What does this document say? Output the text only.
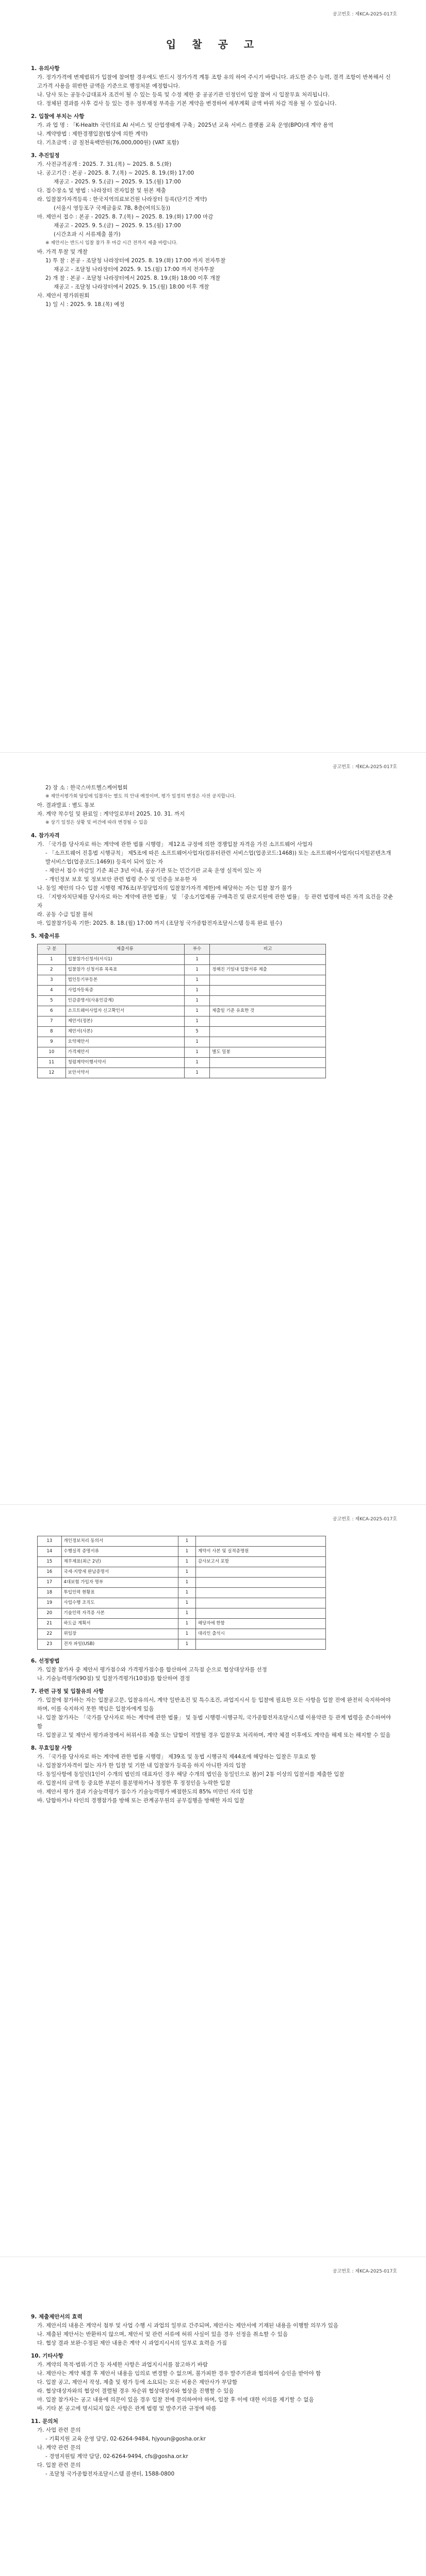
공고번호 : 제KCA-2025-017호
입 찰 공 고
1. 유의사항
가. 정가가격에 변제범위가 입찰에 참여할 경우에도 반드시 정가가격 계통 조항 유의 하여 주시기 바랍니다. 과도한 준수 능력, 결격 조항이 반복해서 신고가격 사용을 위반한 금액을 기준으로 행정처분 예정합니다.
나. 당사 또는 공동수급대표자 조건이 될 수 있는 등록 및 수정 제한 중 공공기관 인정인이 입찰 참여 시 입찰무효 처리됩니다.
다. 정체된 결과를 사후 검사 등 있는 경우 정부재정 부족을 기본 계약을 변경하여 세부계획 금액 바꿔 차감 적용 될 수 있습니다.
2. 입찰에 부치는 사항
가. 과 업 명 : 「K-Health 국민의료 AI 서비스 및 산업생태계 구축」2025년 교육 서비스 플랫폼 교육 운영(BPO)대 계약 용역
나. 계약방법 : 제한경쟁입찰(협상에 의한 계약)
다. 기초금액 : 금 칠천육백만원(76,000,000원) (VAT 포함)
3. 추진일정
가. 사전규격공개 : 2025. 7. 31.(목) ~ 2025. 8. 5.(화)
나. 공고기간 : 본공 - 2025. 8. 7.(목) ~ 2025. 8. 19.(화) 17:00
재공고 - 2025. 9. 5.(금) ~ 2025. 9. 15.(월) 17:00
다. 접수장소 및 방법 : 나라장터 전자입찰 및 원본 제출
라. 입찰참가자격등록 : 한국지역의료보건원 나라장터 등록(단기간 계약)
(서울시 영등포구 국제금융로 7B, 8층(여의도동))
마. 제안서 접수 : 본공 - 2025. 8. 7.(목) ~ 2025. 8. 19.(화) 17:00 마감
재공고 - 2025. 9. 5.(금) ~ 2025. 9. 15.(월) 17:00
(시간초과 시 서류제출 불가)
※ 제안서는 반드시 입찰 참가 후 마감 시간 전까지 제출 바랍니다.
바. 가격 투찰 및 개찰
1) 투 찰 : 본공 - 조달청 나라장터에 2025. 8. 19.(화) 17:00 까지 전자투찰
재공고 - 조달청 나라장터에 2025. 9. 15.(월) 17:00 까지 전자투찰
2) 개 찰 : 본공 - 조달청 나라장터에서 2025. 8. 19.(화) 18:00 이후 개찰
재공고 - 조달청 나라장터에서 2025. 9. 15.(월) 18:00 이후 개찰
사. 제안서 평가위원회
1) 일 시 : 2025. 9. 18.(목) 예정
공고번호 : 제KCA-2025-017호
2) 장 소 : 한국스마트헬스케어협회
※ 제안서평가회 당일에 입찰자는 별도 의 안내 예정이며, 평가 일정의 변경은 사전 공지합니다.
아. 결과발표 : 별도 통보
자. 계약 착수일 및 완료일 : 계약일로부터 2025. 10. 31. 까지
※ 상기 일정은 상황 및 여건에 따라 변경될 수 있음
4. 참가자격
가. 「국가를 당사자로 하는 계약에 관한 법률 시행령」 제12조 규정에 의한 경쟁입찰 자격을 가진 소프트웨어 사업자
- 「소프트웨어 진흥법 시행규칙」 제5조에 따른 소프트웨어사업자(컴퓨터관련 서비스업(업종코드:1468)) 또는 소프트웨어사업자(디지털콘텐츠개발서비스업(업종코드:1469)) 등록이 되어 있는 자
- 제안서 접수 마감일 기준 최근 3년 이내, 공공기관 또는 민간기관 교육 운영 실적이 있는 자
- 개인정보 보호 및 정보보안 관련 법령 준수 및 인증을 보유한 자
나. 동일 제안의 다수 입찰 시행령 제76조(부정당업자의 입찰참가자격 제한)에 해당하는 자는 입찰 참가 불가
다. 「지방자치단체를 당사자로 하는 계약에 관한 법률」 및 「중소기업제품 구매촉진 및 판로지원에 관한 법률」 등 관련 법령에 따른 자격 요건을 갖춘 자
라. 공동 수급 입찰 불허
마. 입찰참가등록 기한: 2025. 8. 18.(월) 17:00 까지 (조달청 국가종합전자조달시스템 등록 완료 필수)
5. 제출서류
구 분	제출서류	부수	비고
1	입찰참가신청서(서식1)	1	
2	입찰참가 신청서류 목록표	1	정해진 기일내 입찰서류 제출
3	법인등기부등본	1	
4	사업자등록증	1	
5	인감증명서(사용인감계)	1	
6	소프트웨어사업자 신고확인서	1	제출일 기준 유효한 것
7	제안서(정본)	1	
8	제안서(사본)	5	
9	요약제안서	1	
10	가격제안서	1	별도 밀봉
11	청렴계약이행서약서	1	
12	보안서약서	1	
공고번호 : 제KCA-2025-017호
13	개인정보처리 동의서	1	
14	수행실적 증명서류	1	계약서 사본 및 실적증명원
15	재무제표(최근 2년)	1	감사보고서 포함
16	국세·지방세 완납증명서	1	
17	4대보험 가입자 명부	1	
18	투입인력 현황표	1	
19	사업수행 조직도	1	
20	기술인력 자격증 사본	1	
21	하도급 계획서	1	해당자에 한함
22	위임장	1	대리인 출석시
23	전자 파일(USB)	1	
6. 선정방법
가. 입찰 참가자 중 제안서 평가점수와 가격평가점수를 합산하여 고득점 순으로 협상대상자를 선정
나. 기술능력평가(90점) 및 입찰가격평가(10점)를 합산하여 결정
7. 관련 규정 및 입찰유의 사항
가. 입찰에 참가하는 자는 입찰공고문, 입찰유의서, 계약 일반조건 및 특수조건, 과업지시서 등 입찰에 필요한 모든 사항을 입찰 전에 완전히 숙지하여야 하며, 이를 숙지하지 못한 책임은 입찰자에게 있음
나. 입찰 참가자는 「국가를 당사자로 하는 계약에 관한 법률」 및 동법 시행령·시행규칙, 국가종합전자조달시스템 이용약관 등 관계 법령을 준수하여야 함
다. 입찰공고 및 제안서 평가과정에서 허위서류 제출 또는 담합이 적발될 경우 입찰무효 처리하며, 계약 체결 이후에도 계약을 해제 또는 해지할 수 있음
8. 무효입찰 사항
가. 「국가를 당사자로 하는 계약에 관한 법률 시행령」 제39조 및 동법 시행규칙 제44조에 해당하는 입찰은 무효로 함
나. 입찰참가자격이 없는 자가 한 입찰 및 기한 내 입찰참가 등록을 하지 아니한 자의 입찰
다. 동일사항에 동일인(1인이 수개의 법인의 대표자인 경우 해당 수개의 법인을 동일인으로 봄)이 2통 이상의 입찰서를 제출한 입찰
라. 입찰서의 금액 등 중요한 부분이 불분명하거나 정정한 후 정정인을 누락한 입찰
마. 제안서 평가 결과 기술능력평가 점수가 기술능력평가 배점한도의 85% 미만인 자의 입찰
바. 담합하거나 타인의 경쟁참가를 방해 또는 관계공무원의 공무집행을 방해한 자의 입찰
공고번호 : 제KCA-2025-017호
9. 제출제안서의 효력
가. 제안서의 내용은 계약서 첨부 및 사업 수행 시 과업의 일부로 간주되며, 제안사는 제안서에 기재된 내용을 이행할 의무가 있음
나. 제출된 제안서는 반환하지 않으며, 제안서 및 관련 서류에 허위 사실이 있을 경우 선정을 취소할 수 있음
다. 협상 결과 보완·수정된 제안 내용은 계약 시 과업지시서의 일부로 효력을 가짐
10. 기타사항
가. 계약의 목적·범위·기간 등 자세한 사항은 과업지시서를 참고하기 바람
나. 제안사는 계약 체결 후 제안서 내용을 임의로 변경할 수 없으며, 불가피한 경우 발주기관과 협의하여 승인을 받아야 함
다. 입찰 공고, 제안서 작성, 제출 및 평가 등에 소요되는 모든 비용은 제안사가 부담함
라. 협상대상자와의 협상이 결렬될 경우 차순위 협상대상자와 협상을 진행할 수 있음
마. 입찰 참가자는 공고 내용에 의문이 있을 경우 입찰 전에 문의하여야 하며, 입찰 후 이에 대한 이의를 제기할 수 없음
바. 기타 본 공고에 명시되지 않은 사항은 관계 법령 및 발주기관 규정에 따름
11. 문의처
가. 사업 관련 문의
- 기획지원 교육 운영 담당, 02-6264-9484, hjyoun@gosha.or.kr
나. 계약 관련 문의
- 경영지원팀 계약 담당, 02-6264-9494, cfs@gosha.or.kr
다. 입찰 관련 문의
- 조달청 국가종합전자조달시스템 콜센터, 1588-0800
